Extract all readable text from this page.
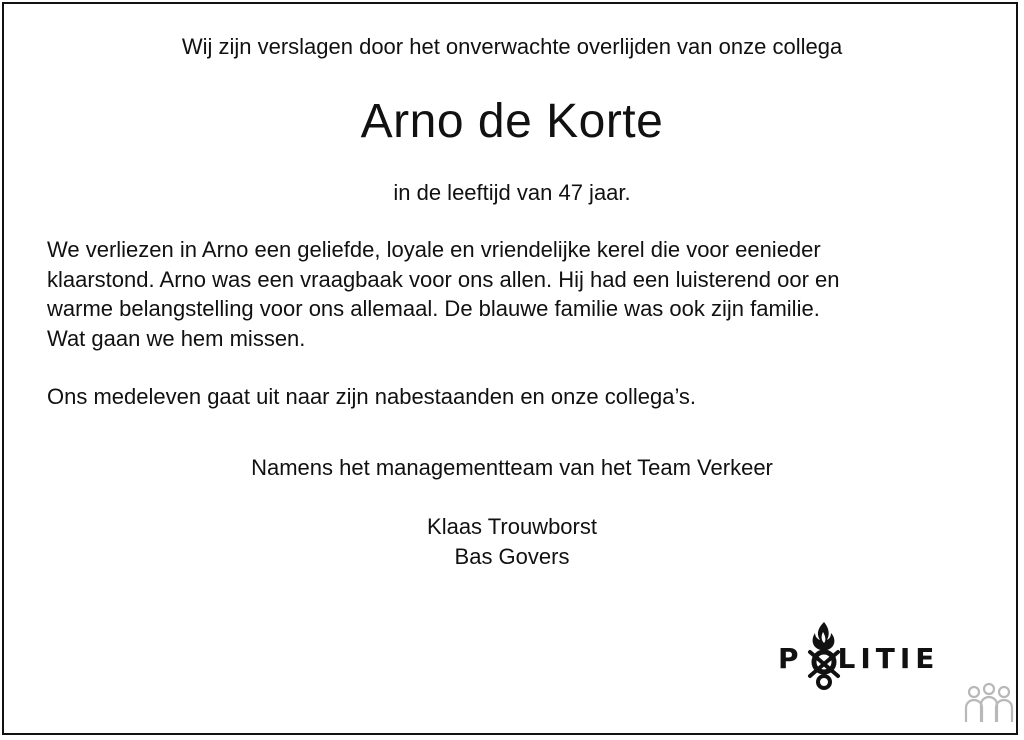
Wij zijn verslagen door het onverwachte overlijden van onze collega
Arno de Korte
in de leeftijd van 47 jaar.
We verliezen in Arno een geliefde, loyale en vriendelijke kerel die voor eenieder
klaarstond. Arno was een vraagbaak voor ons allen. Hij had een luisterend oor en
warme belangstelling voor ons allemaal. De blauwe familie was ook zijn familie.
Wat gaan we hem missen.
Ons medeleven gaat uit naar zijn nabestaanden en onze collega’s.
Namens het managementteam van het Team Verkeer
Klaas Trouwborst
Bas Govers
P LITIE
